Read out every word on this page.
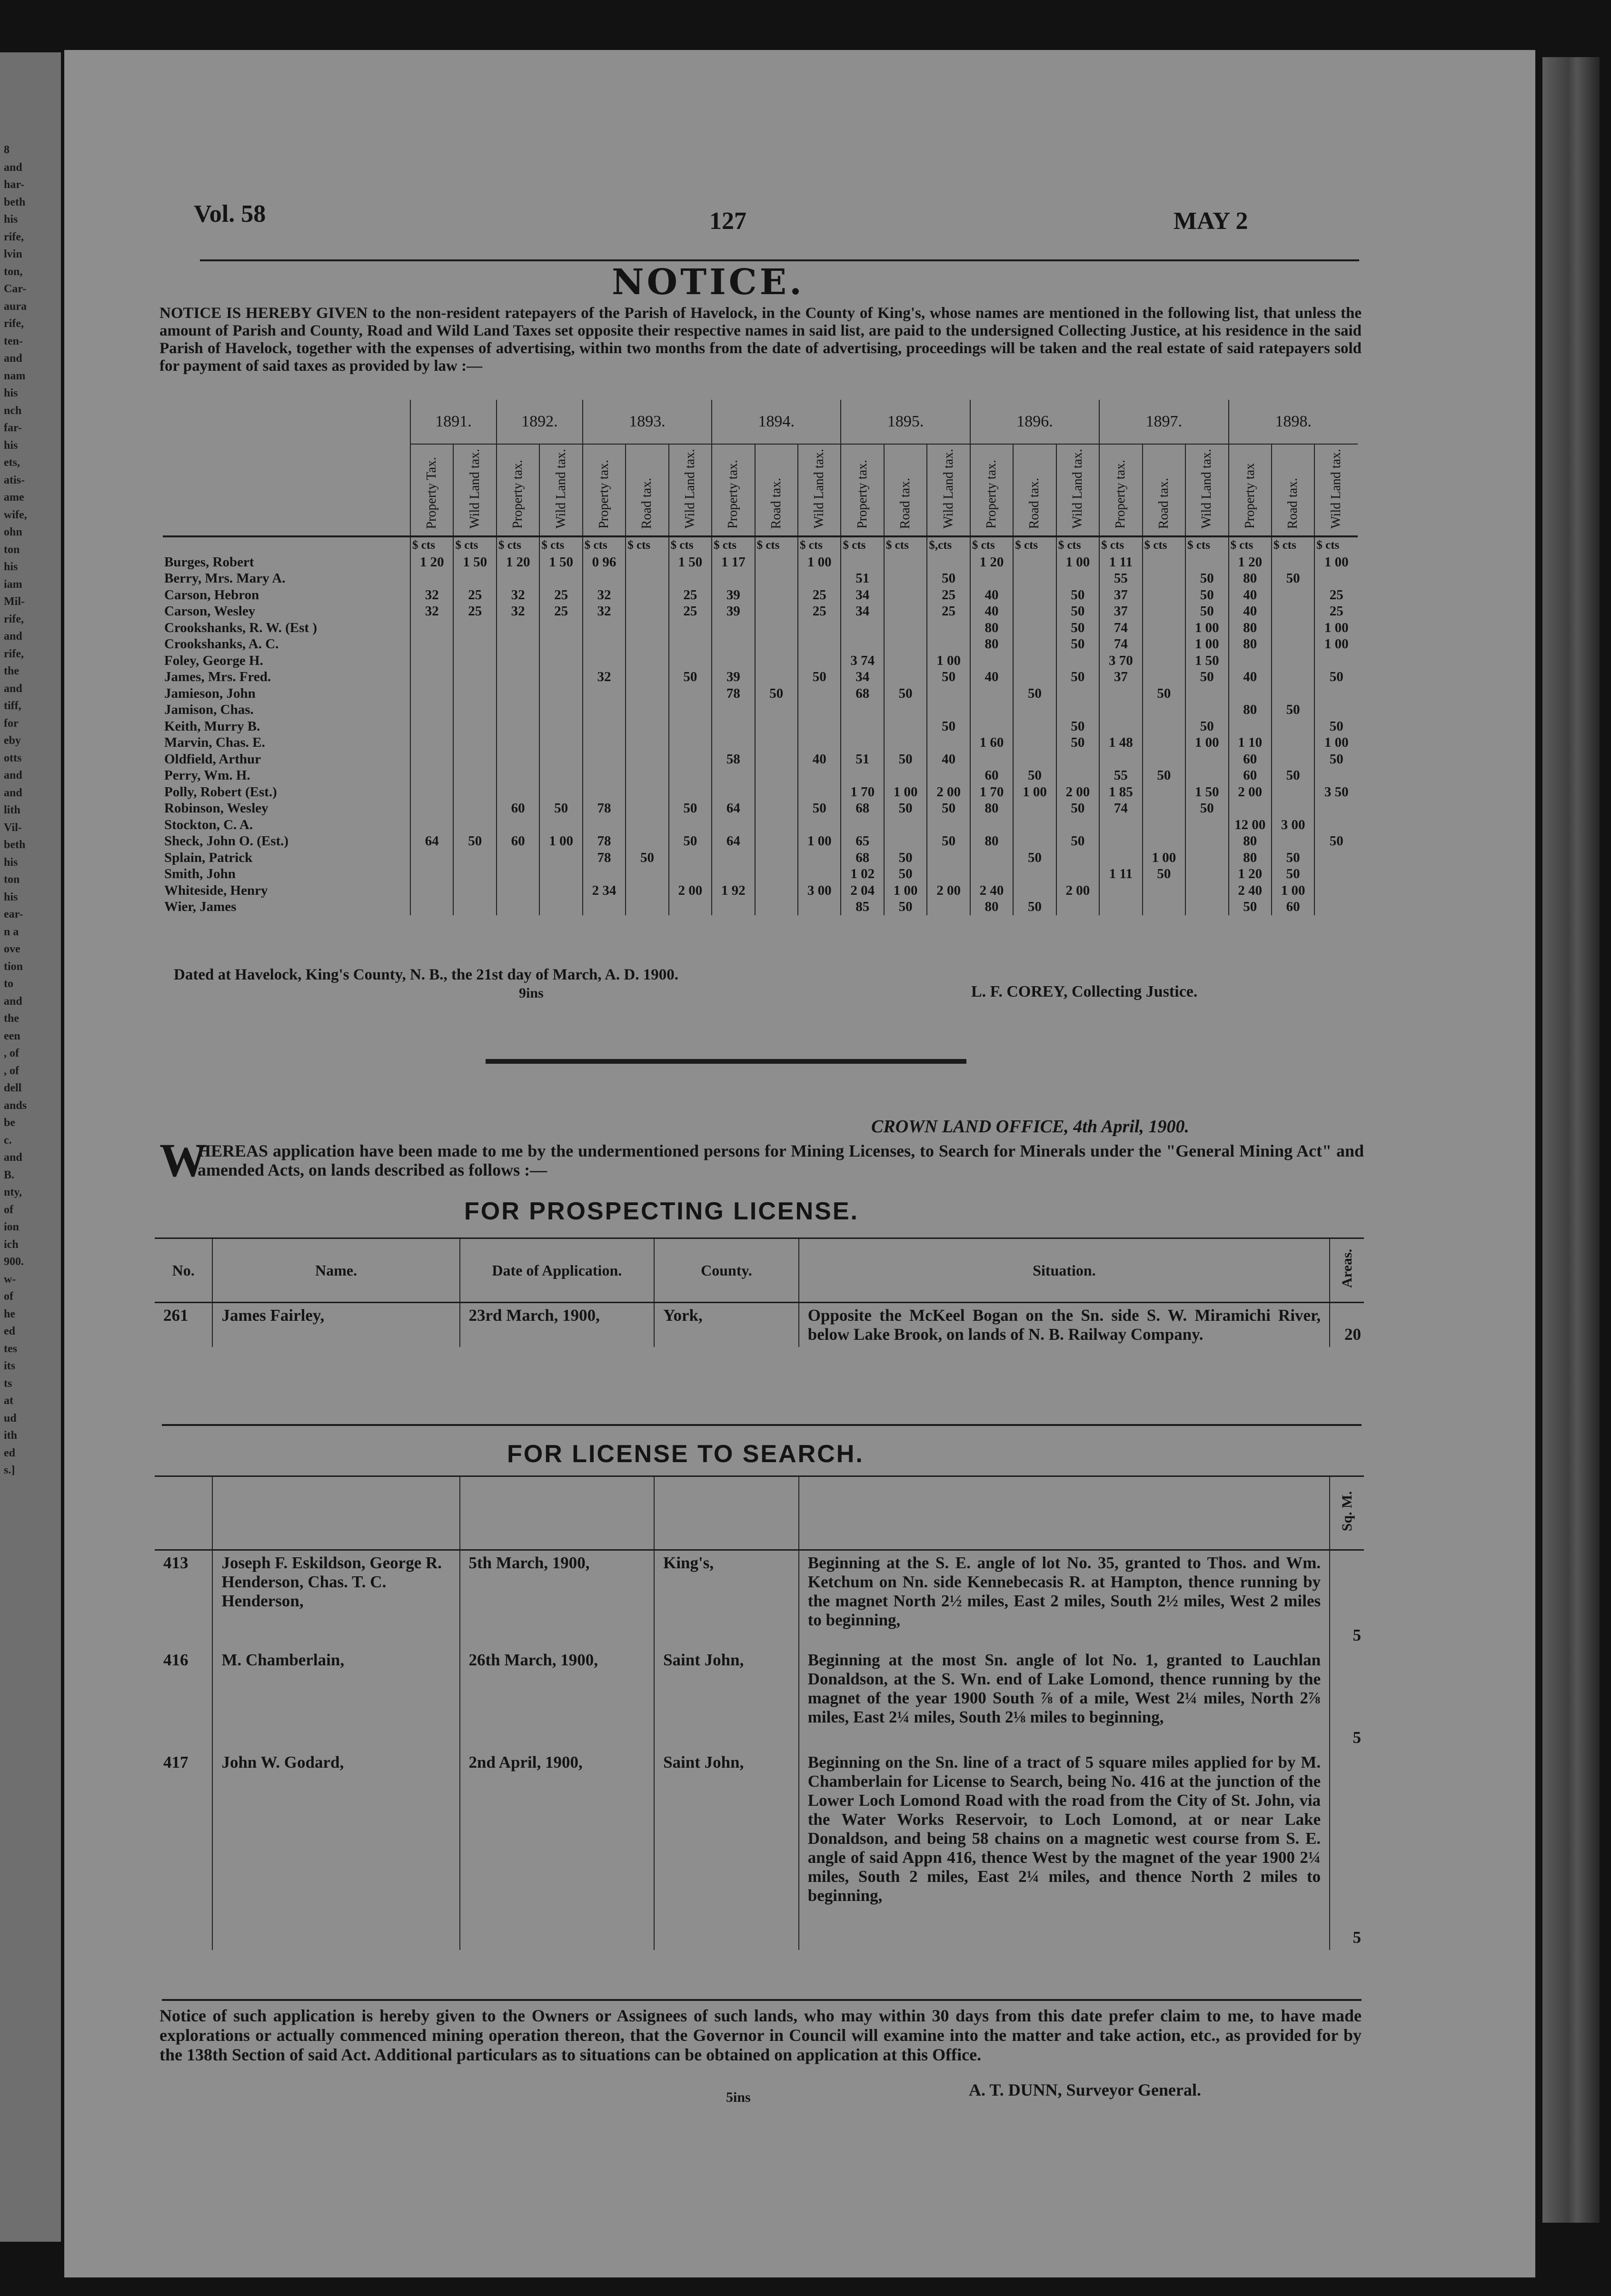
8
and
har-
beth
his
rife,
lvin
ton,
Car-
aura
rife,
ten-
and
nam
his
nch
far-
his
ets,
atis-
ame
wife,
ohn
ton
his
iam
Mil-
rife,
and
rife,
the
and
tiff,
for
eby
otts
and
and
lith
Vil-
beth
his
ton
his
ear-
n a
ove
tion
to
and
the
een
, of
, of
dell
ands
be
c.
and
B.
nty,
of
ion
ich
900.
w-
of
he
ed
tes
its
ts
at
ud
ith
ed
s.]
Vol. 58	127	MAY 2
NOTICE.
NOTICE IS HEREBY GIVEN to the non-resident ratepayers of the Parish of Havelock, in the County of King's, whose names are mentioned in the following list, that unless the amount of Parish and County, Road and Wild Land Taxes set opposite their respective names in said list, are paid to the undersigned Collecting Justice, at his residence in the said Parish of Havelock, together with the expenses of advertising, within two months from the date of advertising, proceedings will be taken and the real estate of said ratepayers sold for payment of said taxes as provided by law :—
	1891.		1892.		1893.			1894.			1895.			1896.			1897.			1898.		
	Property Tax.	Wild Land tax.	Property tax.	Wild Land tax.	Property tax.	Road tax.	Wild Land tax.	Property tax.	Road tax.	Wild Land tax.	Property tax.	Road tax.	Wild Land tax.	Property tax.	Road tax.	Wild Land tax.	Property tax.	Road tax.	Wild Land tax.	Property tax	Road tax.	Wild Land tax.
	$ cts	$ cts	$ cts	$ cts	$ cts	$ cts	$ cts	$ cts	$ cts	$ cts	$ cts	$ cts	$,cts	$ cts	$ cts	$ cts	$ cts	$ cts	$ cts	$ cts	$ cts	$ cts
Burges, Robert	1 20	1 50	1 20	1 50	0 96		1 50	1 17		1 00				1 20		1 00	1 11			1 20		1 00
Berry, Mrs. Mary A.											51		50				55		50	80	50	
Carson, Hebron	32	25	32	25	32		25	39		25	34		25	40		50	37		50	40		25
Carson, Wesley	32	25	32	25	32		25	39		25	34		25	40		50	37		50	40		25
Crookshanks, R. W. (Est )														80		50	74		1 00	80		1 00
Crookshanks, A. C.														80		50	74		1 00	80		1 00
Foley, George H.											3 74		1 00				3 70		1 50			
James, Mrs. Fred.					32		50	39		50	34		50	40		50	37		50	40		50
Jamieson, John								78	50		68	50			50			50				
Jamison, Chas.																				80	50	
Keith, Murry B.													50			50			50			50
Marvin, Chas. E.														1 60		50	1 48		1 00	1 10		1 00
Oldfield, Arthur								58		40	51	50	40							60		50
Perry, Wm. H.														60	50		55	50		60	50	
Polly, Robert (Est.)											1 70	1 00	2 00	1 70	1 00	2 00	1 85		1 50	2 00		3 50
Robinson, Wesley			60	50	78		50	64		50	68	50	50	80		50	74		50			
Stockton, C. A.																				12 00	3 00	
Sheck, John O. (Est.)	64	50	60	1 00	78		50	64		1 00	65		50	80		50				80		50
Splain, Patrick					78	50					68	50			50			1 00		80	50	
Smith, John											1 02	50					1 11	50		1 20	50	
Whiteside, Henry					2 34		2 00	1 92		3 00	2 04	1 00	2 00	2 40		2 00				2 40	1 00	
Wier, James											85	50		80	50					50	60	
Dated at Havelock, King's County, N. B., the 21st day of March, A. D. 1900.
9ins	L. F. COREY, Collecting Justice.
CROWN LAND OFFICE, 4th April, 1900.
W
HEREAS application have been made to me by the undermentioned persons for Mining Licenses, to Search for Minerals under the "General Mining Act" and amended Acts, on lands described as follows :—
FOR PROSPECTING LICENSE.
No.	Name.	Date of Application.	County.	Situation.	Areas.
261	James Fairley,	23rd March, 1900,	York,	Opposite the McKeel Bogan on the Sn. side S. W. Miramichi River, below Lake Brook, on lands of N. B. Railway Company.	20
FOR LICENSE TO SEARCH.
					Sq. M.
413	Joseph F. Eskildson, George R. Henderson, Chas. T. C. Henderson,	5th March, 1900,	King's,	Beginning at the S. E. angle of lot No. 35, granted to Thos. and Wm. Ketchum on Nn. side Kennebecasis R. at Hampton, thence running by the magnet North 2½ miles, East 2 miles, South 2½ miles, West 2 miles to beginning,	5
416	M. Chamberlain,	26th March, 1900,	Saint John,	Beginning at the most Sn. angle of lot No. 1, granted to Lauchlan Donaldson, at the S. Wn. end of Lake Lomond, thence running by the magnet of the year 1900 South ⅞ of a mile, West 2¼ miles, North 2⅞ miles, East 2¼ miles, South 2⅛ miles to beginning,	5
417	John W. Godard,	2nd April, 1900,	Saint John,	Beginning on the Sn. line of a tract of 5 square miles applied for by M. Chamberlain for License to Search, being No. 416 at the junction of the Lower Loch Lomond Road with the road from the City of St. John, via the Water Works Reservoir, to Loch Lomond, at or near Lake Donaldson, and being 58 chains on a magnetic west course from S. E. angle of said Appn 416, thence West by the magnet of the year 1900 2¼ miles, South 2 miles, East 2¼ miles, and thence North 2 miles to beginning,	5
Notice of such application is hereby given to the Owners or Assignees of such lands, who may within 30 days from this date prefer claim to me, to have made explorations or actually commenced mining operation thereon, that the Governor in Council will examine into the matter and take action, etc., as provided for by the 138th Section of said Act. Additional particulars as to situations can be obtained on application at this Office.
5ins	A. T. DUNN, Surveyor General.
